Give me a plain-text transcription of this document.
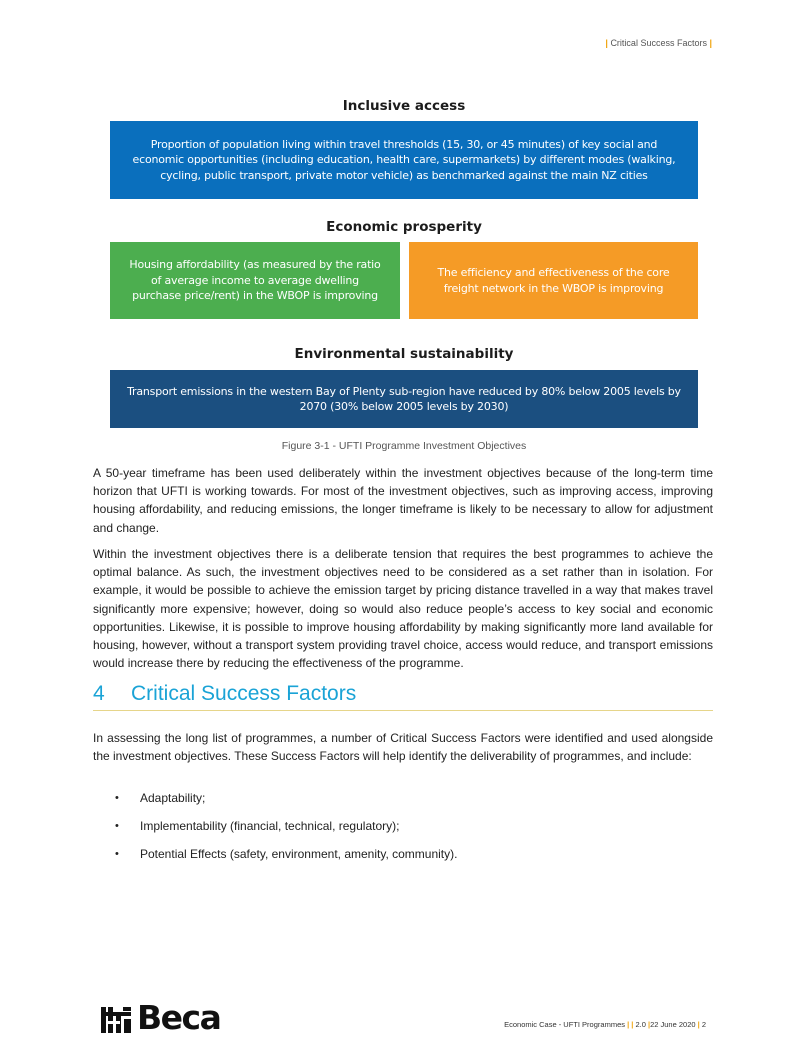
| Critical Success Factors |
Inclusive access
Proportion of population living within travel thresholds (15, 30, or 45 minutes) of key social and economic opportunities (including education, health care, supermarkets) by different modes (walking, cycling, public transport, private motor vehicle) as benchmarked against the main NZ cities
Economic prosperity
Housing affordability (as measured by the ratio of average income to average dwelling purchase price/rent) in the WBOP is improving
The efficiency and effectiveness of the core freight network in the WBOP is improving
Environmental sustainability
Transport emissions in the western Bay of Plenty sub-region have reduced by 80% below 2005 levels by 2070 (30% below 2005 levels by 2030)
Figure 3-1 - UFTI Programme Investment Objectives

A 50-year timeframe has been used deliberately within the investment objectives because of the long-term time horizon that UFTI is working towards. For most of the investment objectives, such as improving access, improving housing affordability, and reducing emissions, the longer timeframe is likely to be necessary to allow for adjustment and change.

Within the investment objectives there is a deliberate tension that requires the best programmes to achieve the optimal balance. As such, the investment objectives need to be considered as a set rather than in isolation. For example, it would be possible to achieve the emission target by pricing distance travelled in a way that makes travel significantly more expensive; however, doing so would also reduce people’s access to key social and economic opportunities. Likewise, it is possible to improve housing affordability by making significantly more land available for housing, however, without a transport system providing travel choice, access would reduce, and transport emissions would increase there by reducing the effectiveness of the programme.

4 Critical Success Factors

In assessing the long list of programmes, a number of Critical Success Factors were identified and used alongside the investment objectives. These Success Factors will help identify the deliverability of programmes, and include:

• Adaptability;
• Implementability (financial, technical, regulatory);
• Potential Effects (safety, environment, amenity, community).
Beca	Economic Case - UFTI Programmes | | 2.0 |22 June 2020 | 2
